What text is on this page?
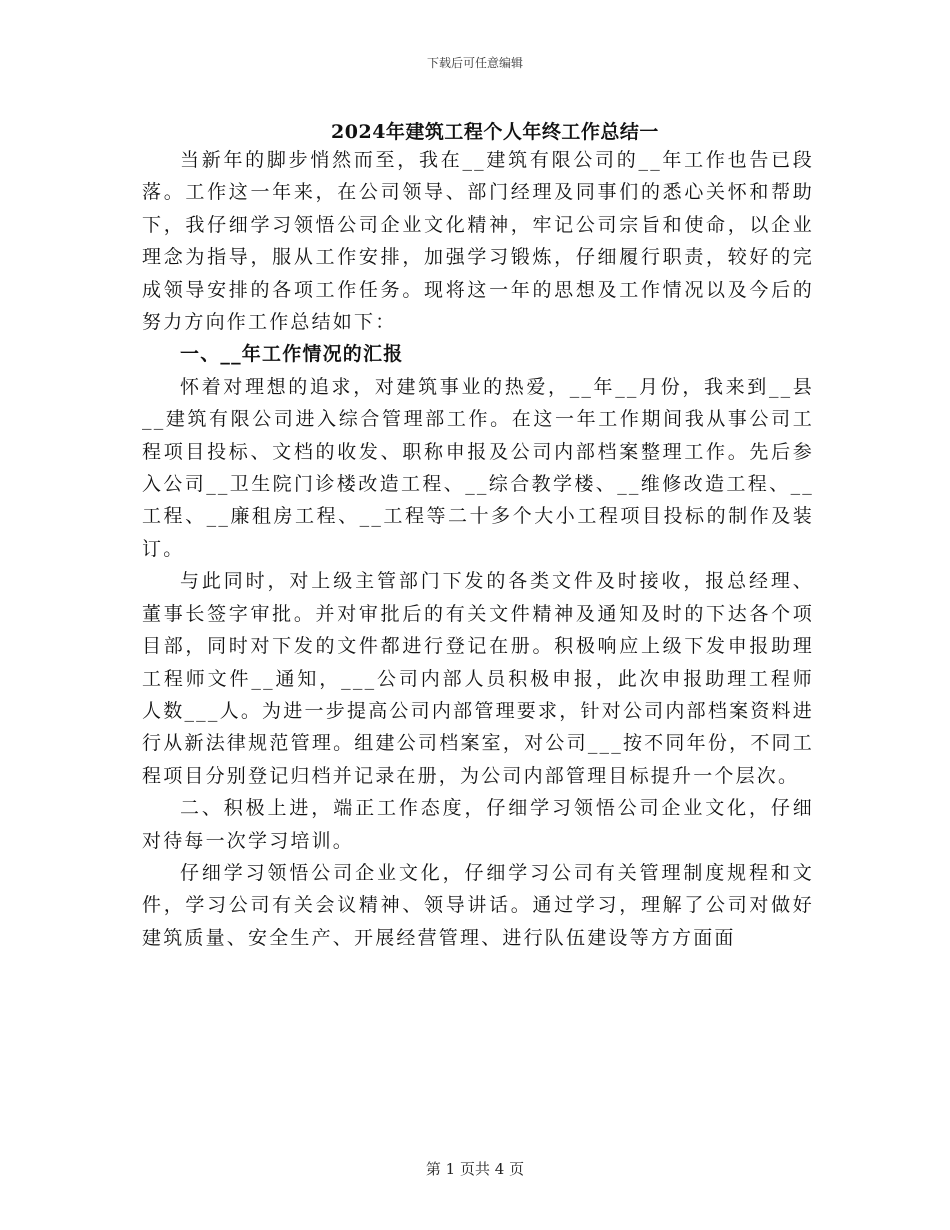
下载后可任意编辑
2024年建筑工程个人年终工作总结一

当新年的脚步悄然而至，我在__建筑有限公司的__年工作也告已段落。工作这一年来，在公司领导、部门经理及同事们的悉心关怀和帮助下，我仔细学习领悟公司企业文化精神，牢记公司宗旨和使命，以企业理念为指导，服从工作安排，加强学习锻炼，仔细履行职责，较好的完成领导安排的各项工作任务。现将这一年的思想及工作情况以及今后的努力方向作工作总结如下：

一、__年工作情况的汇报

怀着对理想的追求，对建筑事业的热爱，__年__月份，我来到__县__建筑有限公司进入综合管理部工作。在这一年工作期间我从事公司工程项目投标、文档的收发、职称申报及公司内部档案整理工作。先后参入公司__卫生院门诊楼改造工程、__综合教学楼、__维修改造工程、__工程、__廉租房工程、__工程等二十多个大小工程项目投标的制作及装订。

与此同时，对上级主管部门下发的各类文件及时接收，报总经理、董事长签字审批。并对审批后的有关文件精神及通知及时的下达各个项目部，同时对下发的文件都进行登记在册。积极响应上级下发申报助理工程师文件__通知，___公司内部人员积极申报，此次申报助理工程师人数___人。为进一步提高公司内部管理要求，针对公司内部档案资料进行从新法律规范管理。组建公司档案室，对公司___按不同年份，不同工程项目分别登记归档并记录在册，为公司内部管理目标提升一个层次。

二、积极上进，端正工作态度，仔细学习领悟公司企业文化，仔细对待每一次学习培训。

仔细学习领悟公司企业文化，仔细学习公司有关管理制度规程和文件，学习公司有关会议精神、领导讲话。通过学习，理解了公司对做好建筑质量、安全生产、开展经营管理、进行队伍建设等方方面面

第 1 页共 4 页
